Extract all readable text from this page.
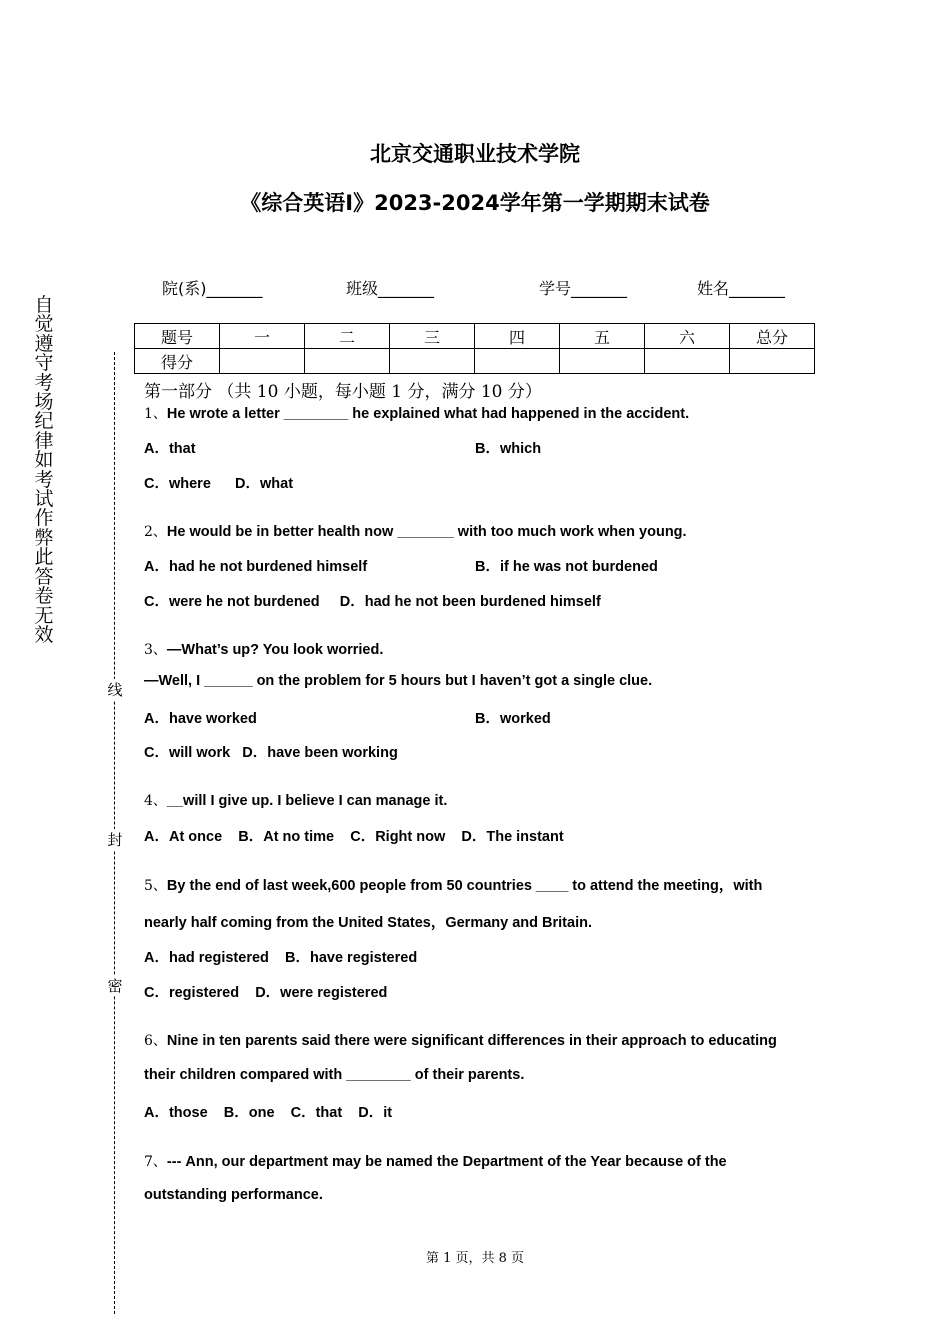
北京交通职业技术学院
《综合英语Ⅰ》2023-2024学年第一学期期末试卷
自觉遵守考场纪律如考试作弊此答卷无效
线
封
密
院(系)_______	班级_______	学号_______	姓名_______
题号	一	二	三	四	五	六	总分
得分							
第一部分 （共 10 小题，每小题 1 分，满分 10 分）
1、He wrote a letter ________ he explained what had happened in the accident.
A．that	B．which
C．where      D．what
2、He would be in better health now _______ with too much work when young.
A．had he not burdened himself	B．if he was not burdened
C．were he not burdened     D．had he not been burdened himself
3、—What’s up? You look worried.
—Well, I ______ on the problem for 5 hours but I haven’t got a single clue.
A．have worked	B．worked
C．will work   D．have been working
4、__will I give up. I believe I can manage it.
A．At once    B．At no time    C．Right now    D．The instant
5、By the end of last week,600 people from 50 countries ____ to attend the meeting，with
nearly half coming from the United States，Germany and Britain.
A．had registered    B．have registered
C．registered    D．were registered
6、Nine in ten parents said there were significant differences in their approach to educating
their children compared with ________ of their parents.
A．those    B．one    C．that    D．it
7、--- Ann, our department may be named the Department of the Year because of the
outstanding performance.
第 1 页，共 8 页
